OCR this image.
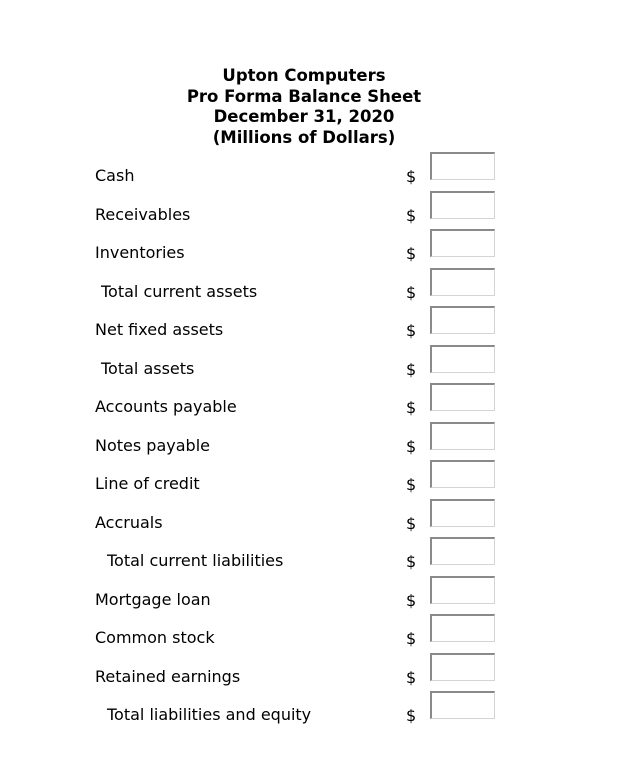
Upton Computers
Pro Forma Balance Sheet
December 31, 2020
(Millions of Dollars)
Cash	$
Receivables	$
Inventories	$
Total current assets	$
Net fixed assets	$
Total assets	$
Accounts payable	$
Notes payable	$
Line of credit	$
Accruals	$
Total current liabilities	$
Mortgage loan	$
Common stock	$
Retained earnings	$
Total liabilities and equity	$
